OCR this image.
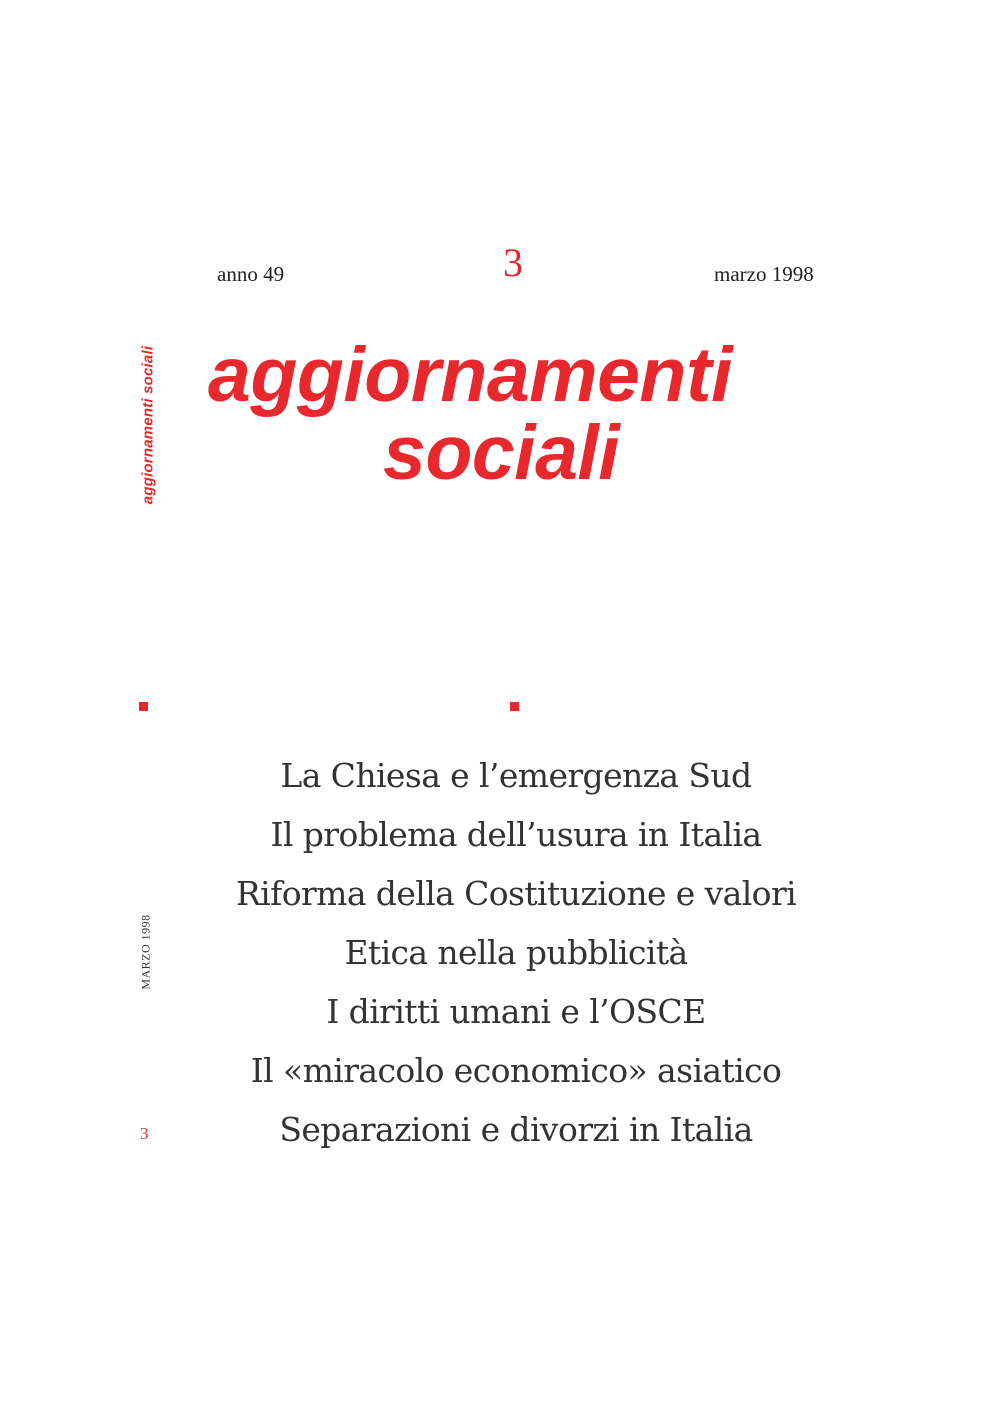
aggiornamenti sociali
MARZO 1998
3
anno 49	3	marzo 1998
aggiornamenti
sociali
La Chiesa e l’emergenza Sud
Il problema dell’usura in Italia
Riforma della Costituzione e valori
Etica nella pubblicità
I diritti umani e l’OSCE
Il «miracolo economico» asiatico
Separazioni e divorzi in Italia
